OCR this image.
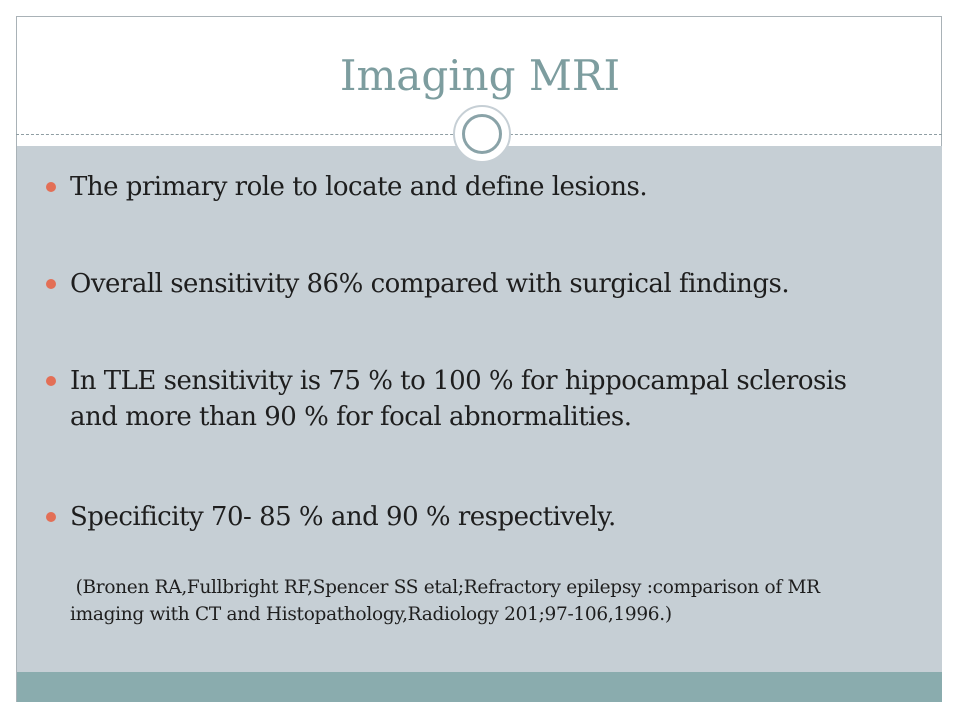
Imaging MRI
The primary role to locate and define lesions.
Overall sensitivity 86% compared with surgical findings.
In TLE sensitivity is 75 % to 100 % for hippocampal sclerosis and more than 90 % for focal abnormalities.
Specificity 70- 85 % and 90 % respectively.
(Bronen RA,Fullbright RF,Spencer SS etal;Refractory epilepsy :comparison of MR
imaging with CT and Histopathology,Radiology 201;97-106,1996.)
